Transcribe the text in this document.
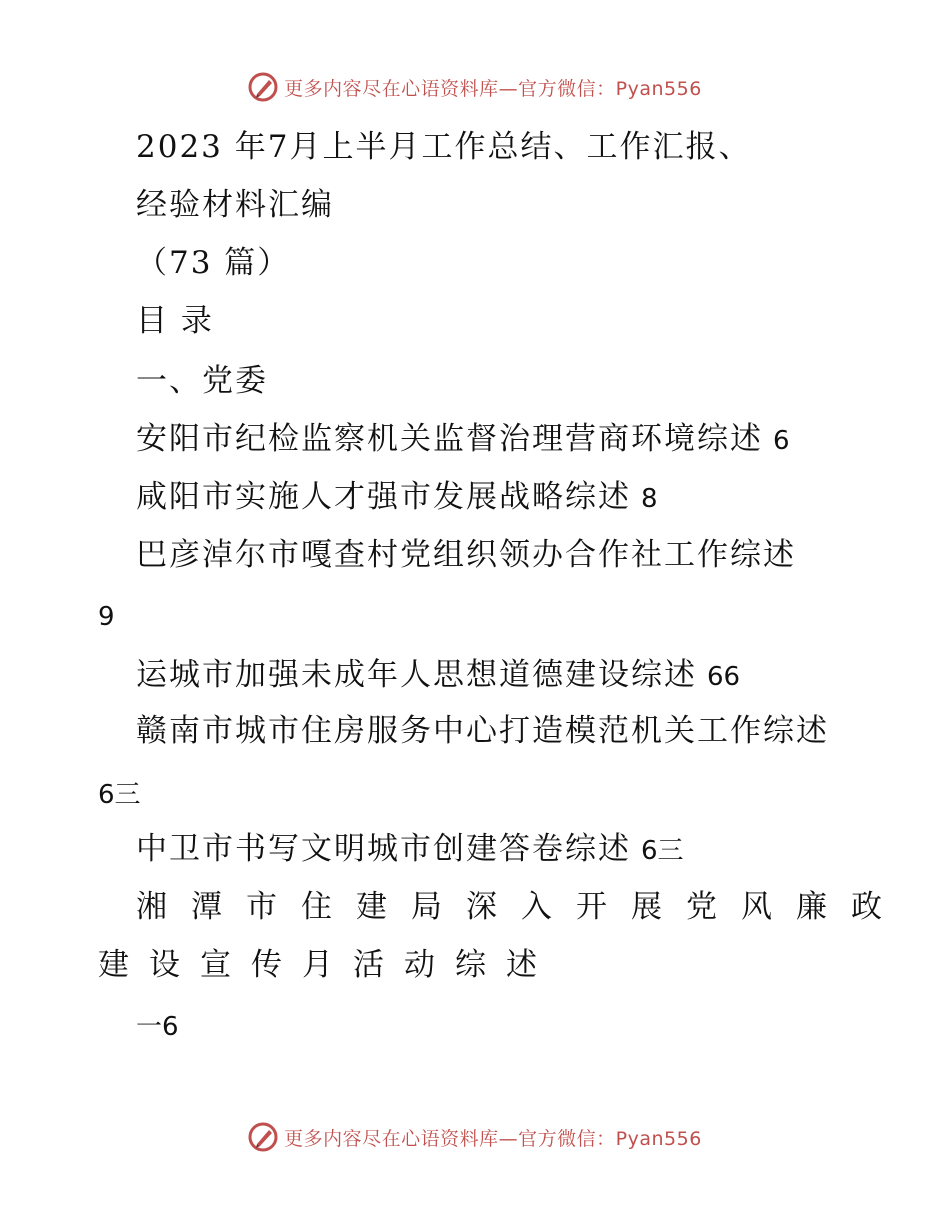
更多内容尽在心语资料库—官方微信：Pyan556
2023 年7月上半月工作总结、工作汇报、
经验材料汇编
（73 篇）
目 录
一、党委
安阳市纪检监察机关监督治理营商环境综述 6
咸阳市实施人才强市发展战略综述 8
巴彦淖尔市嘎查村党组织领办合作社工作综述
9
运城市加强未成年人思想道德建设综述 66
赣南市城市住房服务中心打造模范机关工作综述
6三
中卫市书写文明城市创建答卷综述 6三
湘潭市住建局深入开展党风廉政
建设宣传月活动综述
一6
更多内容尽在心语资料库—官方微信：Pyan556
